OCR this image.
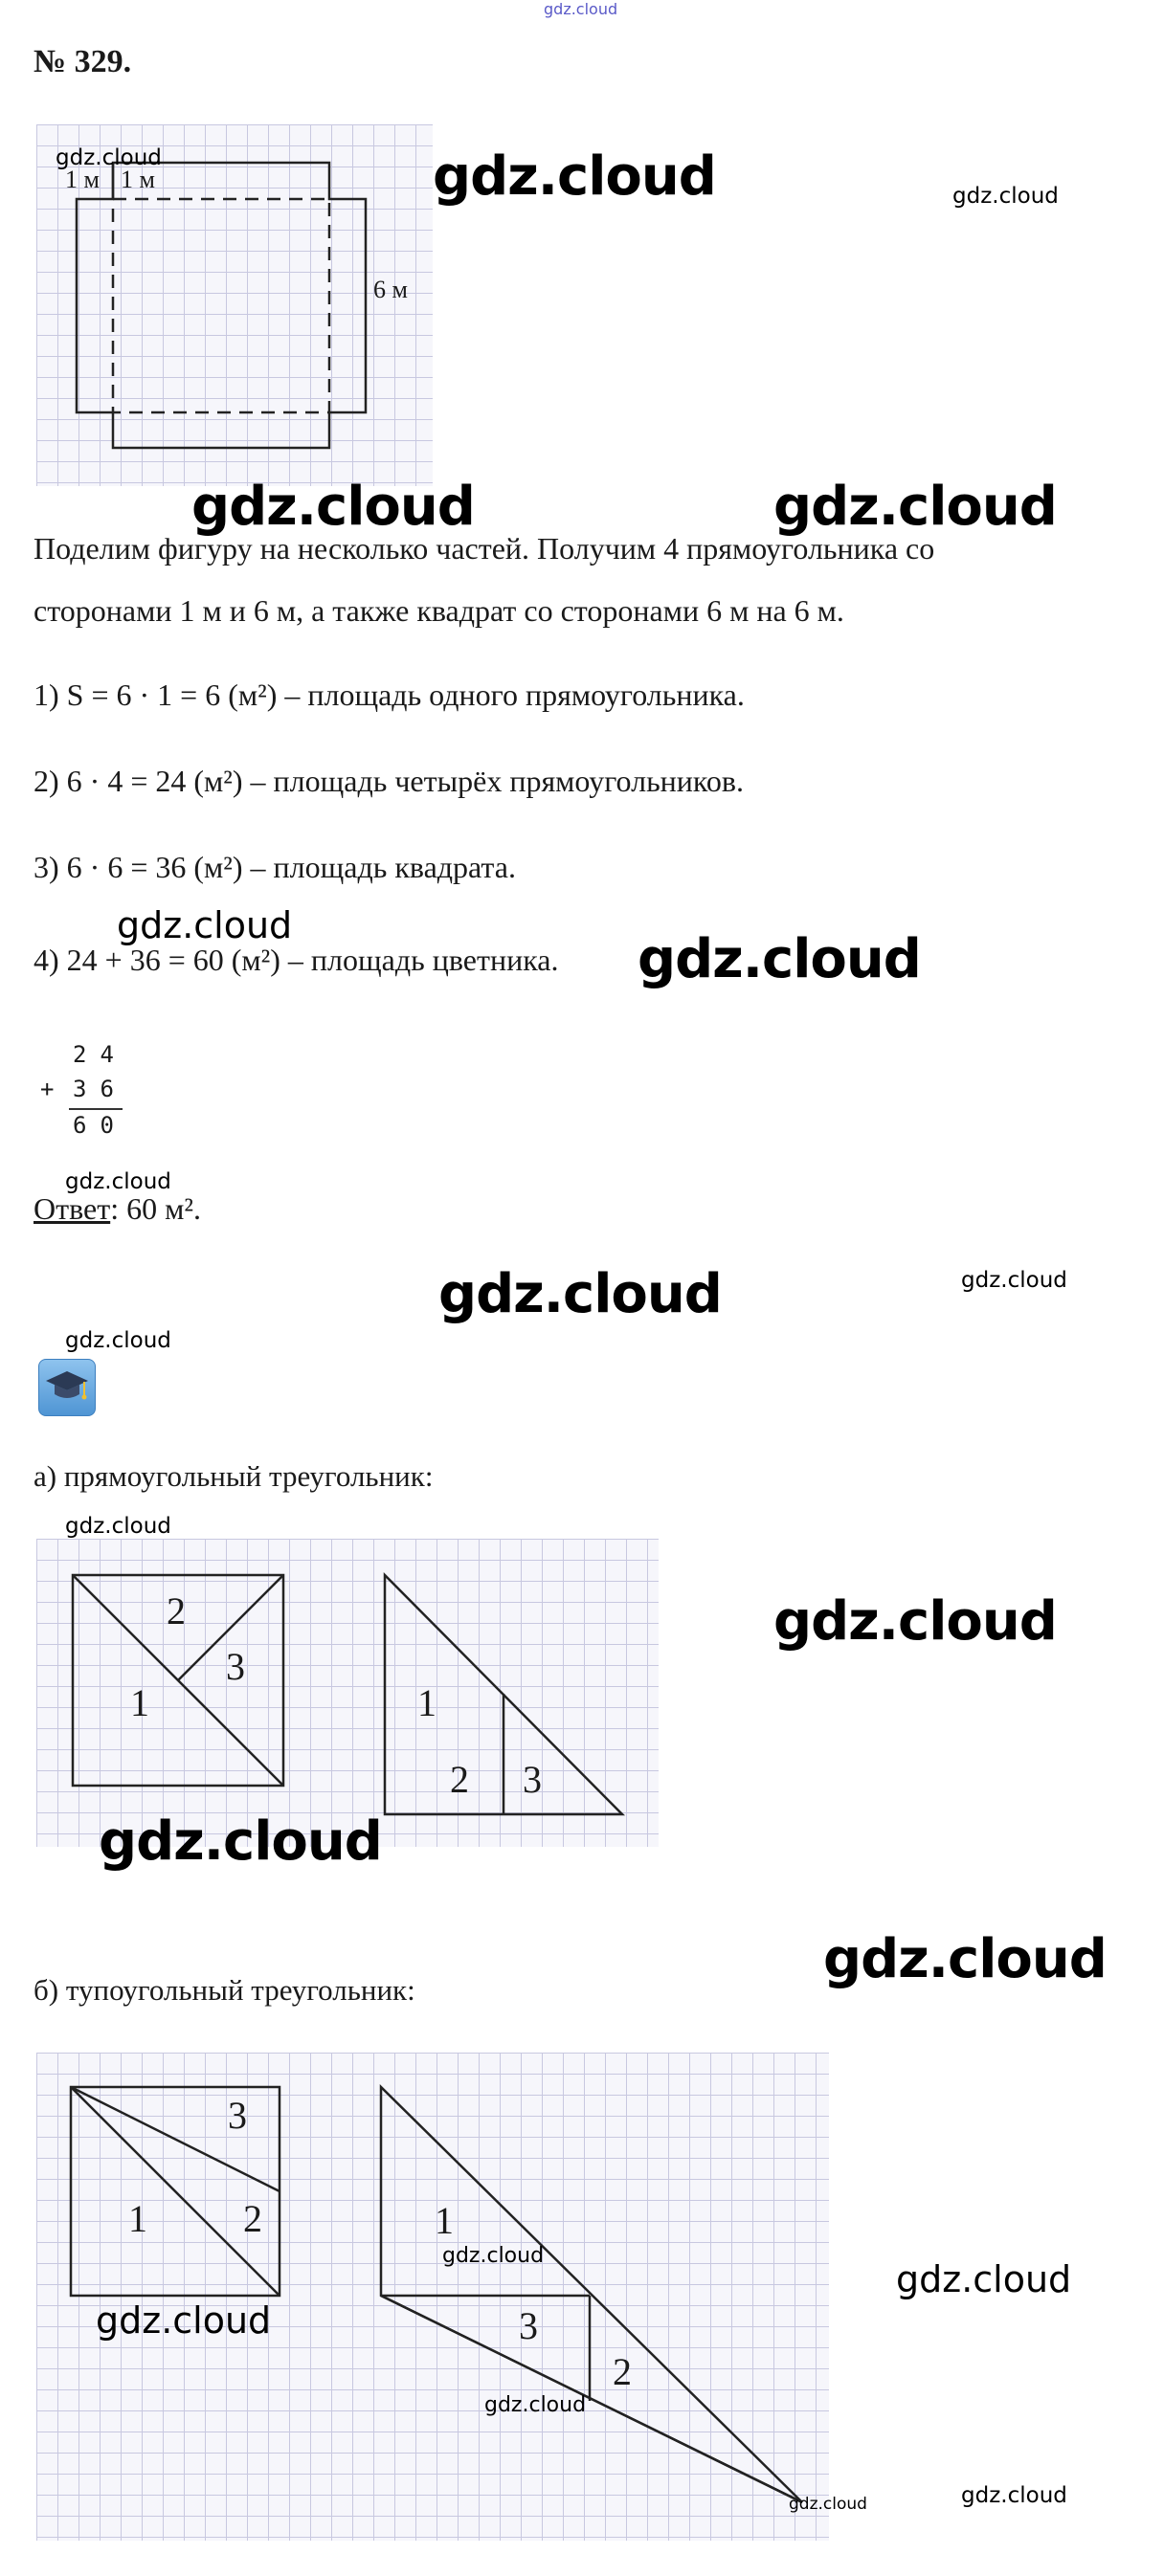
gdz.cloud
№ 329.
1 м 1 м
6 м
gdz.cloud	gdz.cloud	gdz.cloud
gdz.cloud	gdz.cloud
Поделим фигуру на несколько частей. Получим 4 прямоугольника со
сторонами 1 м и 6 м, а также квадрат со сторонами 6 м на 6 м.
1) S = 6 · 1 = 6 (м²) – площадь одного прямоугольника.
2) 6 · 4 = 24 (м²) – площадь четырёх прямоугольников.
3) 6 · 6 = 36 (м²) – площадь квадрата.
gdz.cloud
4) 24 + 36 = 60 (м²) – площадь цветника. gdz.cloud
24
+ 36
60
gdz.cloud
Ответ: 60 м².
gdz.cloud	gdz.cloud
gdz.cloud
а) прямоугольный треугольник:
gdz.cloud
2
3
1	1
2 3
gdz.cloud
gdz.cloud
gdz.cloud
б) тупоугольный треугольник:
3
1	2	1
gdz.cloud
3
2
gdz.cloud
gdz.cloud
gdz.cloud
gdz.cloud
gdz.cloud
